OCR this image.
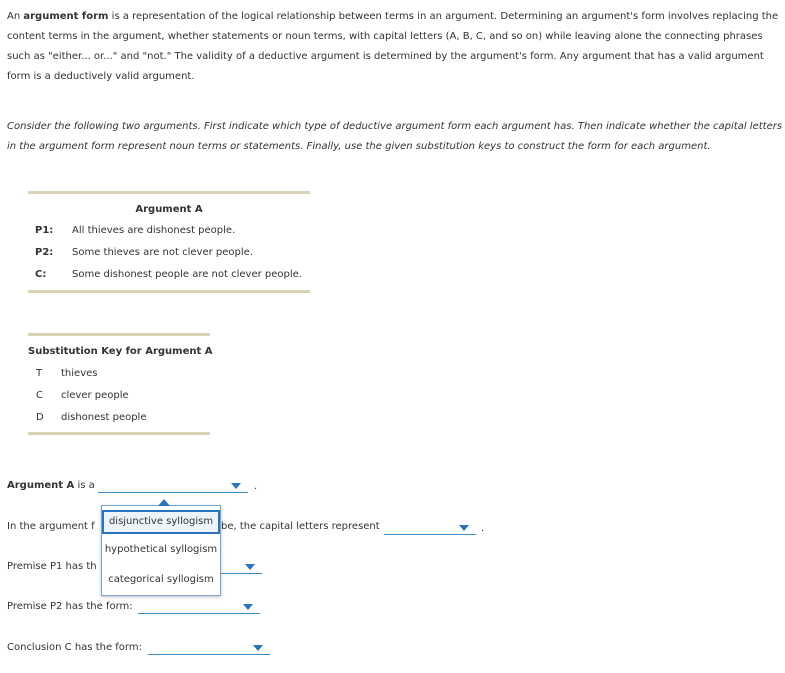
An argument form is a representation of the logical relationship between terms in an argument. Determining an argument's form involves replacing the content terms in the argument, whether statements or noun terms, with capital letters (A, B, C, and so on) while leaving alone the connecting phrases such as "either... or..." and "not." The validity of a deductive argument is determined by the argument's form. Any argument that has a valid argument form is a deductively valid argument.
Consider the following two arguments. First indicate which type of deductive argument form each argument has. Then indicate whether the capital letters in the argument form represent noun terms or statements. Finally, use the given substitution keys to construct the form for each argument.
Argument A
P1: All thieves are dishonest people.
P2: Some thieves are not clever people.
C:	Some dishonest people are not clever people.
Substitution Key for Argument A
T thieves
C clever people
D dishonest people
Argument A is a	.
In the argument f	be, the capital letters represent	.
Premise P1 has th
Premise P2 has the form:
Conclusion C has the form:
disjunctive syllogism
hypothetical syllogism
categorical syllogism
